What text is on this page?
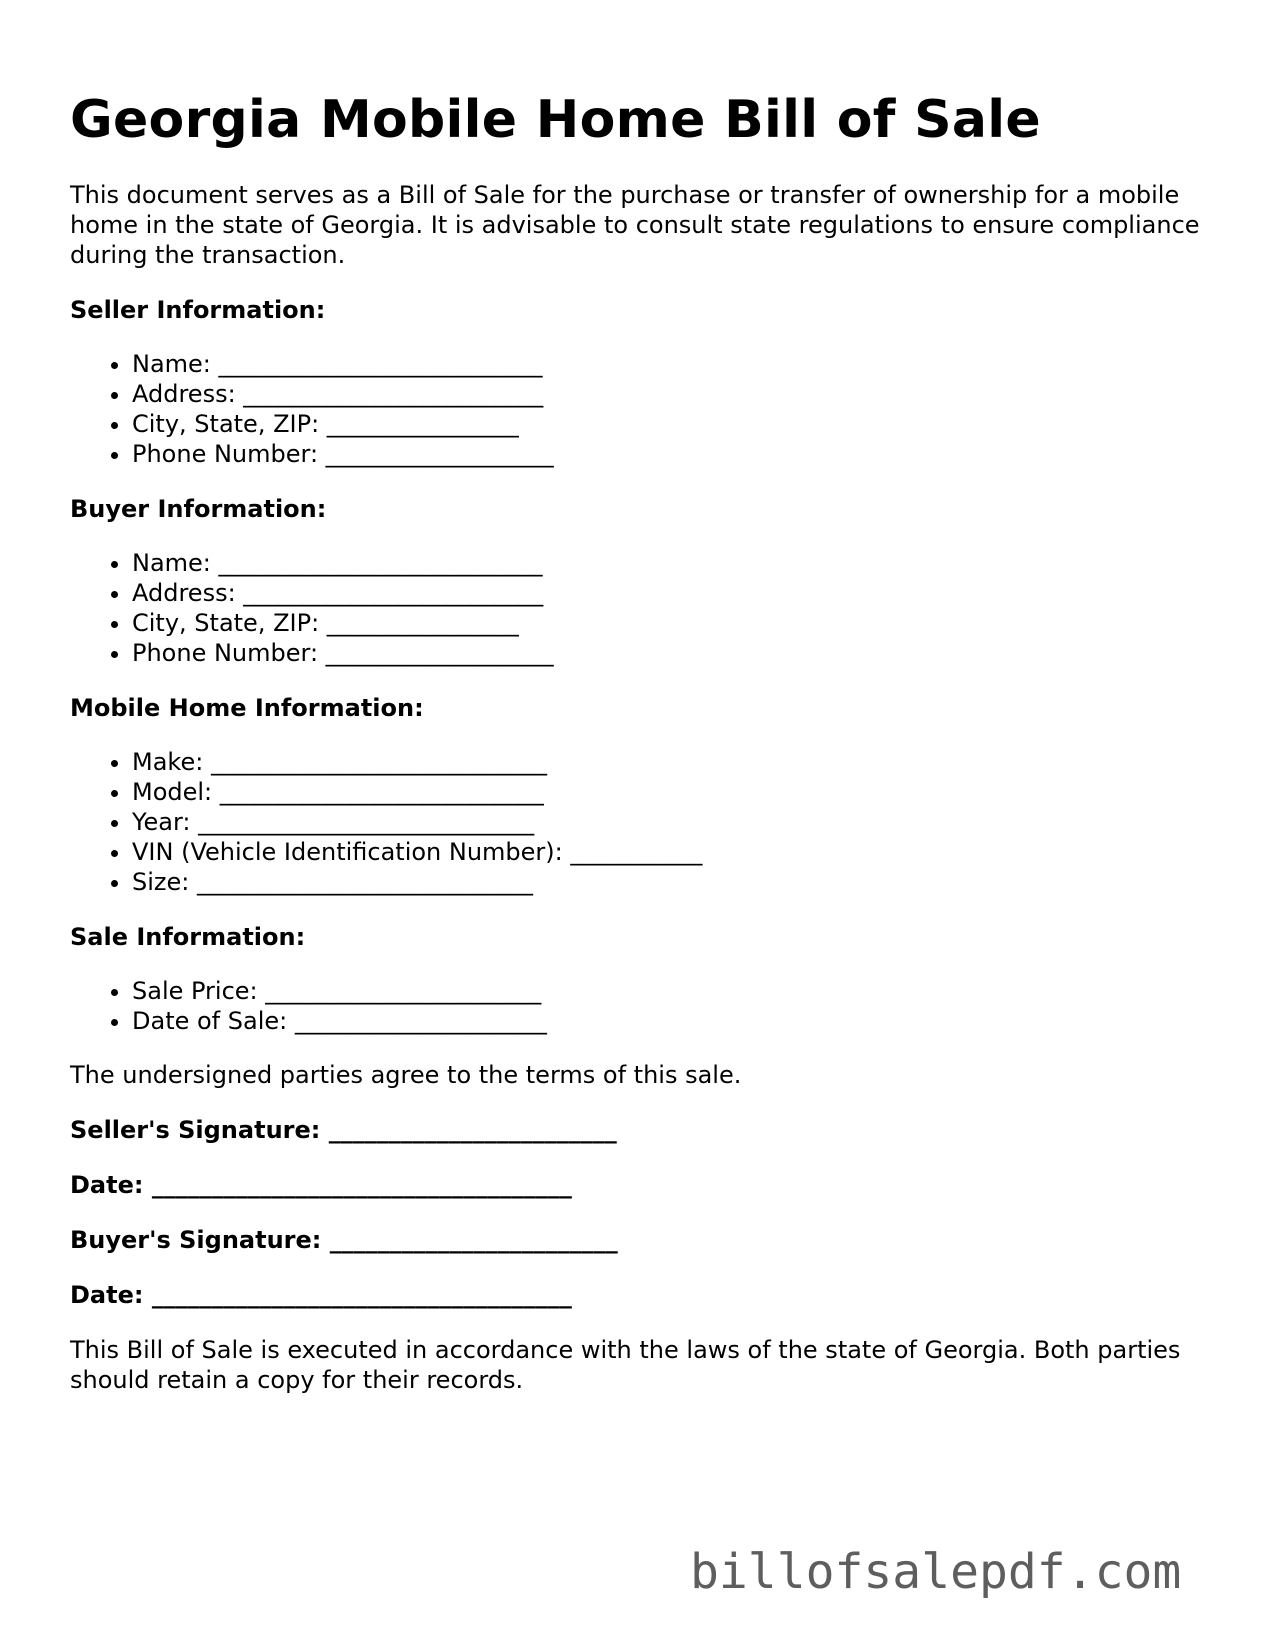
Georgia Mobile Home Bill of Sale

This document serves as a Bill of Sale for the purchase or transfer of ownership for a mobile home in the state of Georgia. It is advisable to consult state regulations to ensure compliance during the transaction.

Seller Information:
• Name: ___________________________
• Address: _________________________
• City, State, ZIP: ________________
• Phone Number: ___________________
Buyer Information:
• Name: ___________________________
• Address: _________________________
• City, State, ZIP: ________________
• Phone Number: ___________________
Mobile Home Information:
• Make: ____________________________
• Model: ___________________________
• Year: ____________________________
• VIN (Vehicle Identification Number): ___________
• Size: ____________________________
Sale Information:
• Sale Price: _______________________
• Date of Sale: _____________________

The undersigned parties agree to the terms of this sale.

Seller's Signature: ________________________
Date: ___________________________________
Buyer's Signature: ________________________
Date: ___________________________________

This Bill of Sale is executed in accordance with the laws of the state of Georgia. Both parties should retain a copy for their records.

billofsalepdf.com
